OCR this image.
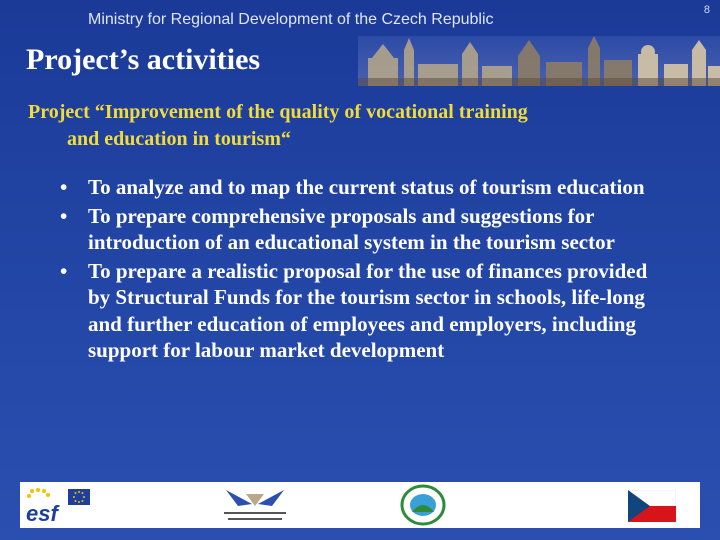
Ministry for Regional Development of the Czech Republic
8
Project’s activities
Project “Improvement of the quality of vocational training
and education in tourism“
• To analyze and to map the current status of tourism education
• To prepare comprehensive proposals and suggestions for introduction of an educational system in the tourism sector
• To prepare a realistic proposal for the use of finances provided by Structural Funds for the tourism sector in schools, life-long and further education of employees and employers, including support for labour market development
esf
